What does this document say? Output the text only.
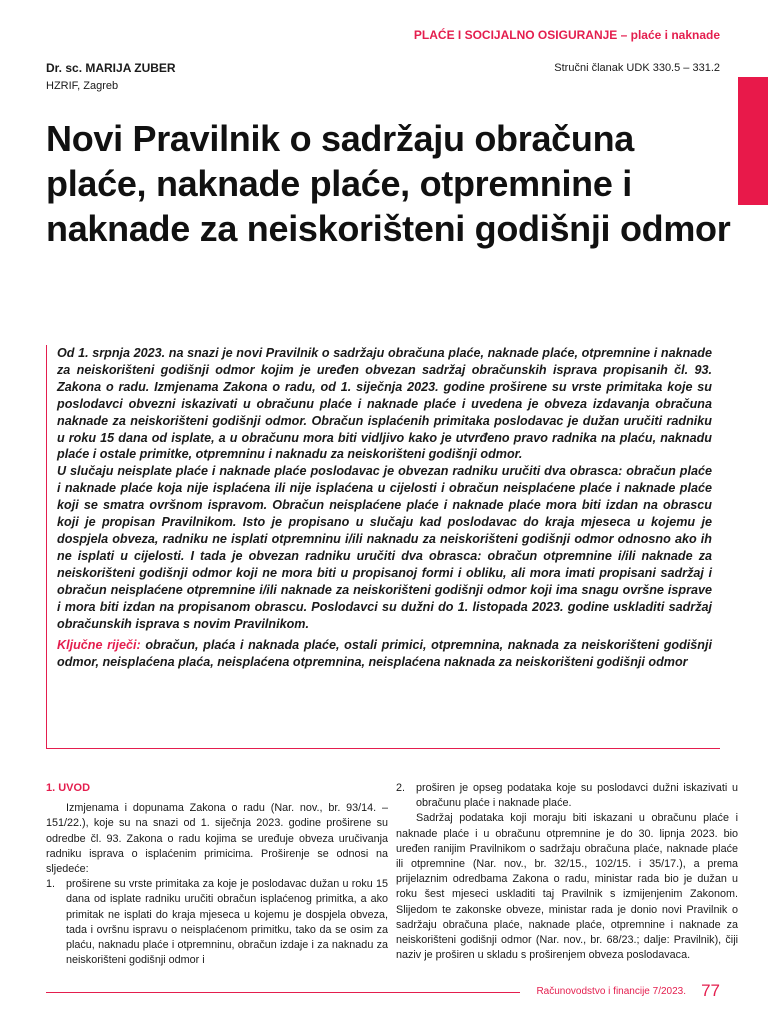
PLAĆE I SOCIJALNO OSIGURANJE – plaće i naknade
Dr. sc. MARIJA ZUBER
HZRIF, Zagreb
Stručni članak UDK 330.5 – 331.2
Novi Pravilnik o sadržaju obračuna plaće, naknade plaće, otpremnine i naknade za neiskorišteni godišnji odmor

Od 1. srpnja 2023. na snazi je novi Pravilnik o sadržaju obračuna plaće, naknade plaće, otpremnine i naknade za neiskorišteni godišnji odmor kojim je uređen obvezan sadržaj obračunskih isprava propisanih čl. 93. Zakona o radu. Izmjenama Zakona o radu, od 1. siječnja 2023. godine proširene su vrste primitaka koje su poslodavci obvezni iskazivati u obračunu plaće i naknade plaće i uvedena je obveza izdavanja obračuna naknade za neiskorišteni godišnji odmor. Obračun isplaćenih primitaka poslodavac je dužan uručiti radniku u roku 15 dana od isplate, a u obračunu mora biti vidljivo kako je utvrđeno pravo radnika na plaću, naknadu plaće i ostale primitke, otpremninu i naknadu za neiskorišteni godišnji odmor.

U slučaju neisplate plaće i naknade plaće poslodavac je obvezan radniku uručiti dva obrasca: obračun plaće i naknade plaće koja nije isplaćena ili nije isplaćena u cijelosti i obračun neisplaćene plaće i naknade plaće koji se smatra ovršnom ispravom. Obračun neisplaćene plaće i naknade plaće mora biti izdan na obrascu koji je propisan Pravilnikom. Isto je propisano u slučaju kad poslodavac do kraja mjeseca u kojemu je dospjela obveza, radniku ne isplati otpremninu i/ili naknadu za neiskorišteni godišnji odmor odnosno ako ih ne isplati u cijelosti. I tada je obvezan radniku uručiti dva obrasca: obračun otpremnine i/ili naknade za neiskorišteni godišnji odmor koji ne mora biti u propisanoj formi i obliku, ali mora imati propisani sadržaj i obračun neisplaćene otpremnine i/ili naknade za neiskorišteni godišnji odmor koji ima snagu ovršne isprave i mora biti izdan na propisanom obrascu. Poslodavci su dužni do 1. listopada 2023. godine uskladiti sadržaj obračunskih isprava s novim Pravilnikom.

Ključne riječi: obračun, plaća i naknada plaće, ostali primici, otpremnina, naknada za neiskorišteni godišnji odmor, neisplaćena plaća, neisplaćena otpremnina, neisplaćena naknada za neiskorišteni godišnji odmor

1. UVOD

Izmjenama i dopunama Zakona o radu (Nar. nov., br. 93/14. – 151/22.), koje su na snazi od 1. siječnja 2023. godine proširene su odredbe čl. 93. Zakona o radu kojima se uređuje obveza uručivanja radniku isprava o isplaćenim primicima. Proširenje se odnosi na sljedeće:

1.	proširene su vrste primitaka za koje je poslodavac dužan u roku 15 dana od isplate radniku uručiti obračun isplaćenog primitka, a ako primitak ne isplati do kraja mjeseca u kojemu je dospjela obveza, tada i ovršnu ispravu o neisplaćenom primitku, tako da se osim za plaću, naknadu plaće i otpremninu, obračun izdaje i za naknadu za neiskorišteni godišnji odmor i
2.	proširen je opseg podataka koje su poslodavci dužni iskazivati u obračunu plaće i naknade plaće.

Sadržaj podataka koji moraju biti iskazani u obračunu plaće i naknade plaće i u obračunu otpremnine je do 30. lipnja 2023. bio uređen ranijim Pravilnikom o sadržaju obračuna plaće, naknade plaće ili otpremnine (Nar. nov., br. 32/15., 102/15. i 35/17.), a prema prijelaznim odredbama Zakona o radu, ministar rada bio je dužan u roku šest mjeseci uskladiti taj Pravilnik s izmijenjenim Zakonom. Slijedom te zakonske obveze, ministar rada je donio novi Pravilnik o sadržaju obračuna plaće, naknade plaće, otpremnine i naknade za neiskorišteni godišnji odmor (Nar. nov., br. 68/23.; dalje: Pravilnik), čiji naziv je proširen u skladu s proširenjem obveza poslodavaca.

Računovodstvo i financije 7/2023. 77
